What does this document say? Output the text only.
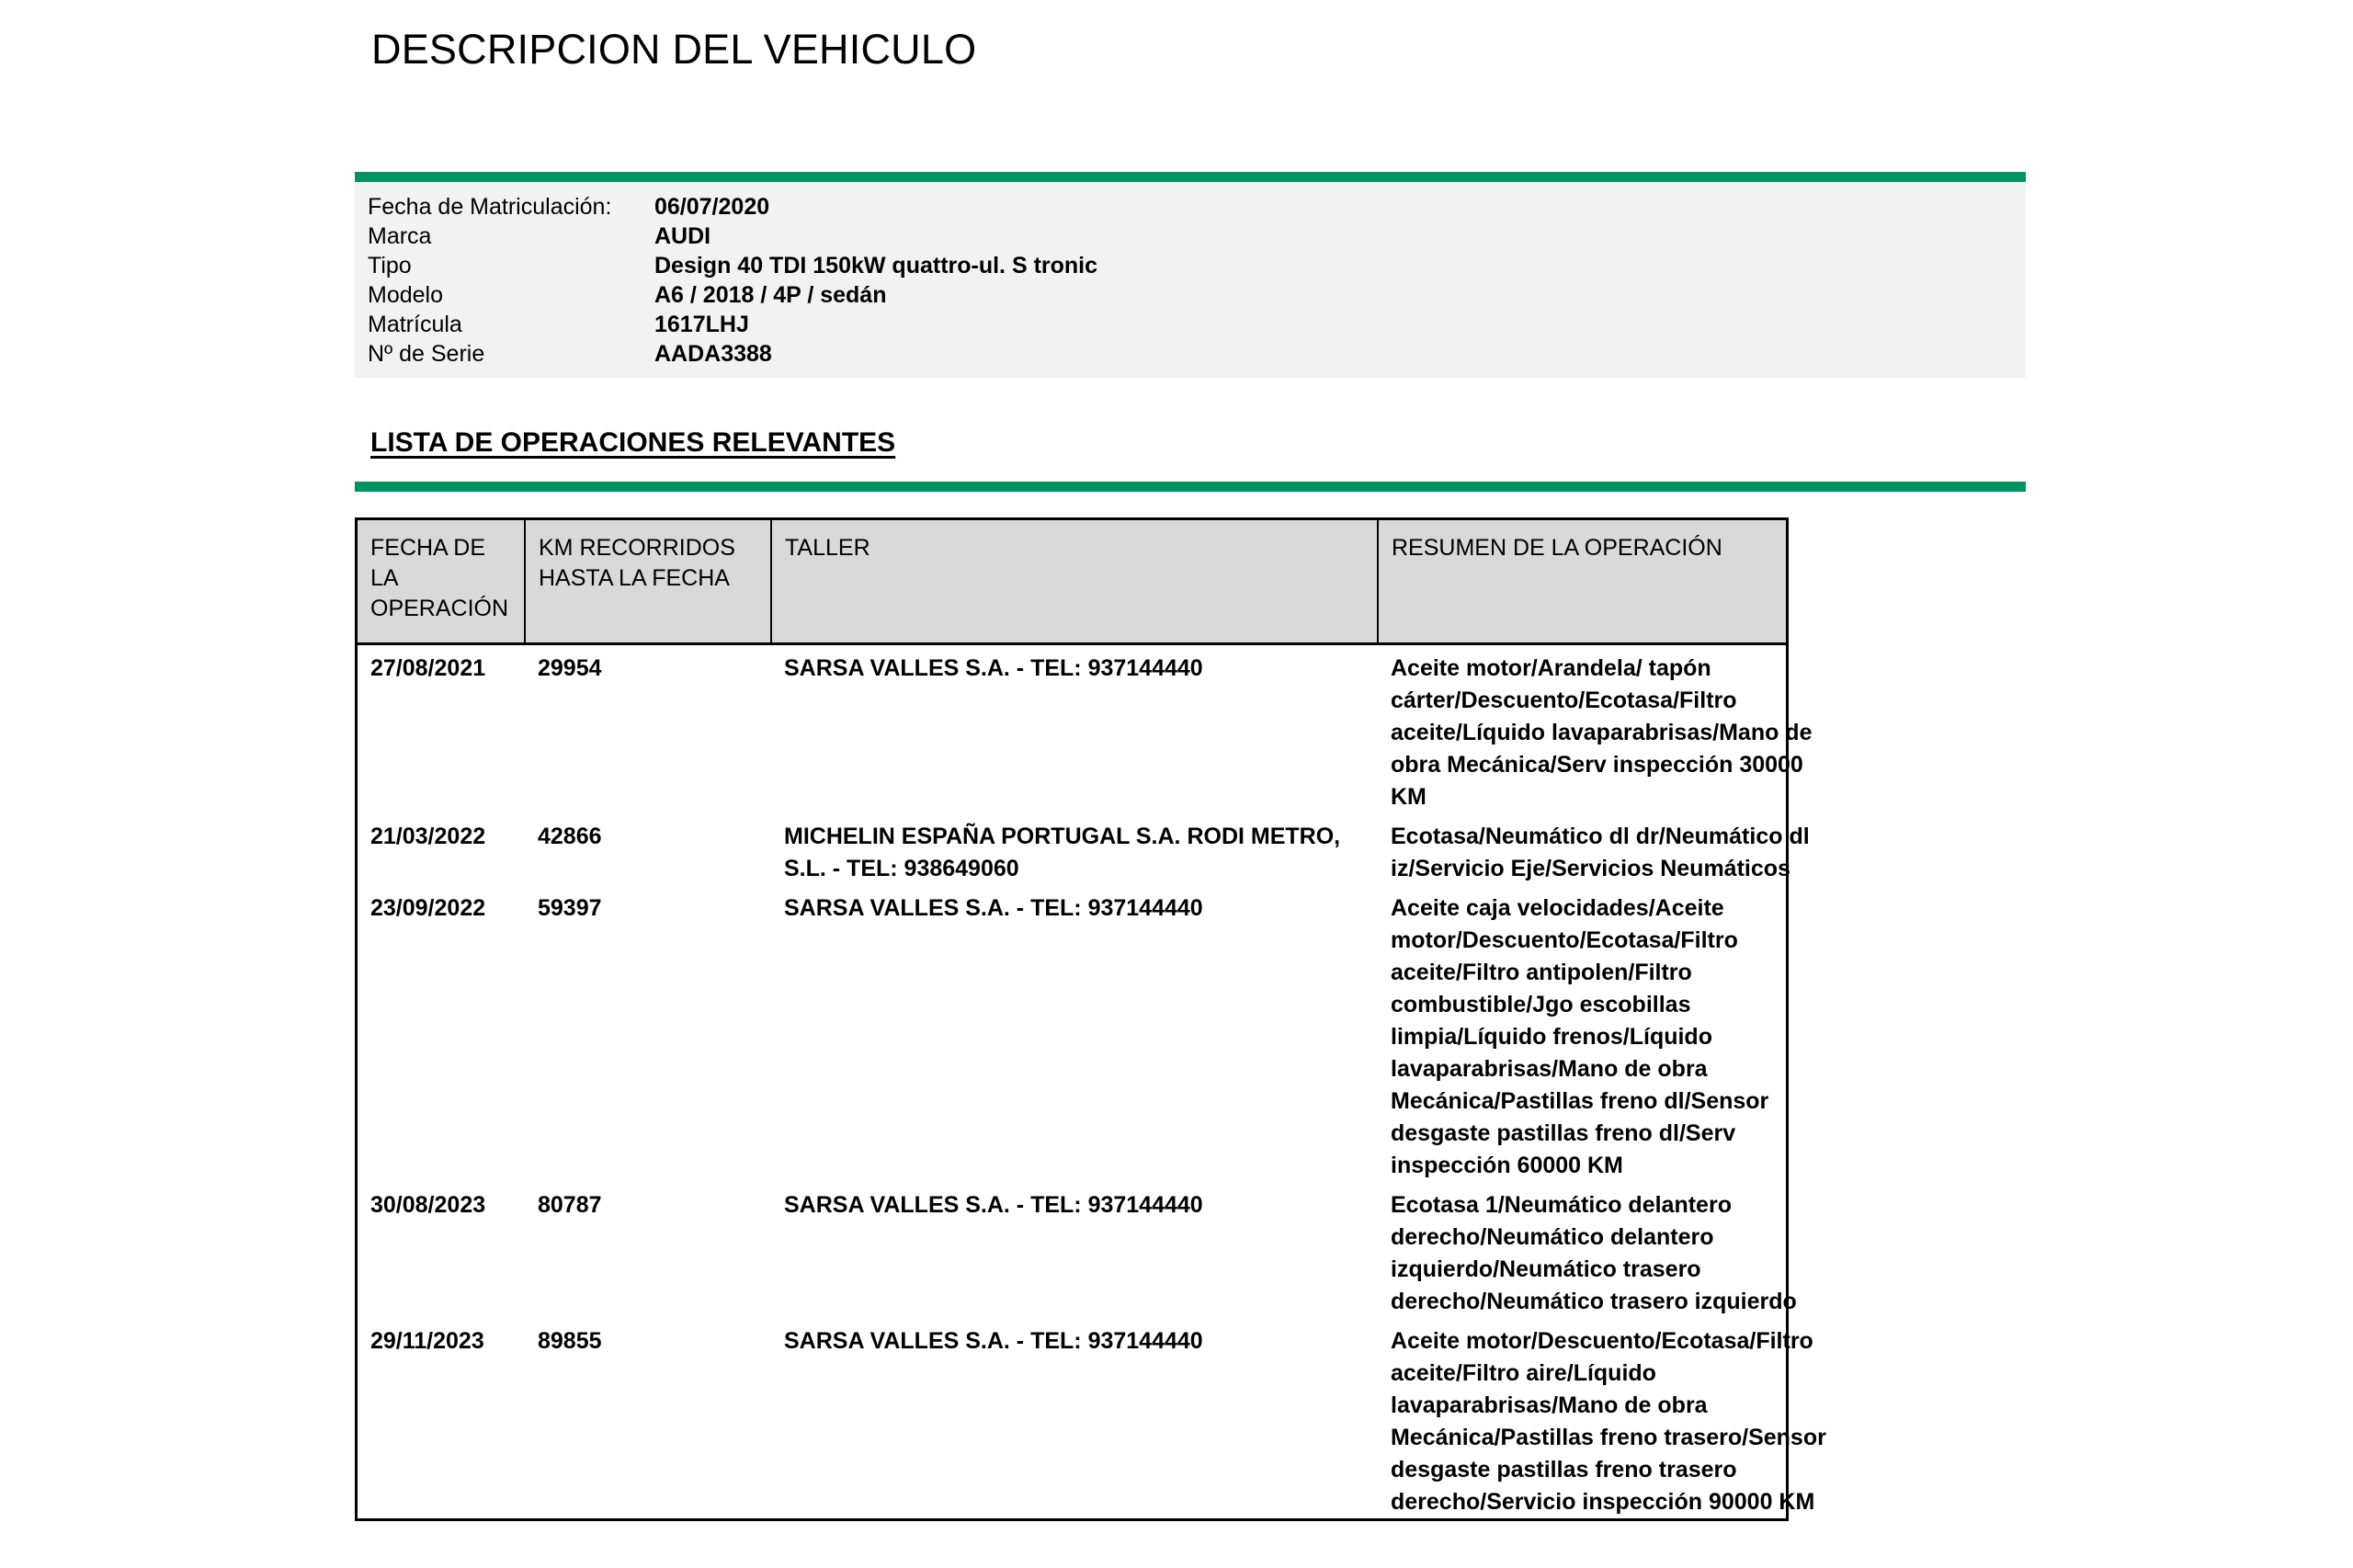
DESCRIPCION DEL VEHICULO
Fecha de Matriculación:	06/07/2020
Marca	AUDI
Tipo	Design 40 TDI 150kW quattro-ul. S tronic
Modelo	A6 / 2018 / 4P / sedán
Matrícula	1617LHJ
Nº de Serie	AADA3388
LISTA DE OPERACIONES RELEVANTES
FECHA DE LA OPERACIÓN	KM RECORRIDOS HASTA LA FECHA	TALLER	RESUMEN DE LA OPERACIÓN
27/08/2021	29954	SARSA VALLES S.A. - TEL: 937144440	Aceite motor/Arandela/ tapón cárter/Descuento/Ecotasa/Filtro aceite/Líquido lavaparabrisas/Mano de obra Mecánica/Serv inspección 30000 KM

21/03/2022	42866	MICHELIN ESPAÑA PORTUGAL S.A. RODI METRO, S.L. - TEL: 938649060	Ecotasa/Neumático dl dr/Neumático dl iz/Servicio Eje/Servicios Neumáticos

23/09/2022	59397	SARSA VALLES S.A. - TEL: 937144440	Aceite caja velocidades/Aceite motor/Descuento/Ecotasa/Filtro aceite/Filtro antipolen/Filtro combustible/Jgo escobillas limpia/Líquido frenos/Líquido lavaparabrisas/Mano de obra Mecánica/Pastillas freno dl/Sensor desgaste pastillas freno dl/Serv inspección 60000 KM

30/08/2023	80787	SARSA VALLES S.A. - TEL: 937144440	Ecotasa 1/Neumático delantero derecho/Neumático delantero izquierdo/Neumático trasero derecho/Neumático trasero izquierdo

29/11/2023	89855	SARSA VALLES S.A. - TEL: 937144440	Aceite motor/Descuento/Ecotasa/Filtro aceite/Filtro aire/Líquido lavaparabrisas/Mano de obra Mecánica/Pastillas freno trasero/Sensor desgaste pastillas freno trasero derecho/Servicio inspección 90000 KM
